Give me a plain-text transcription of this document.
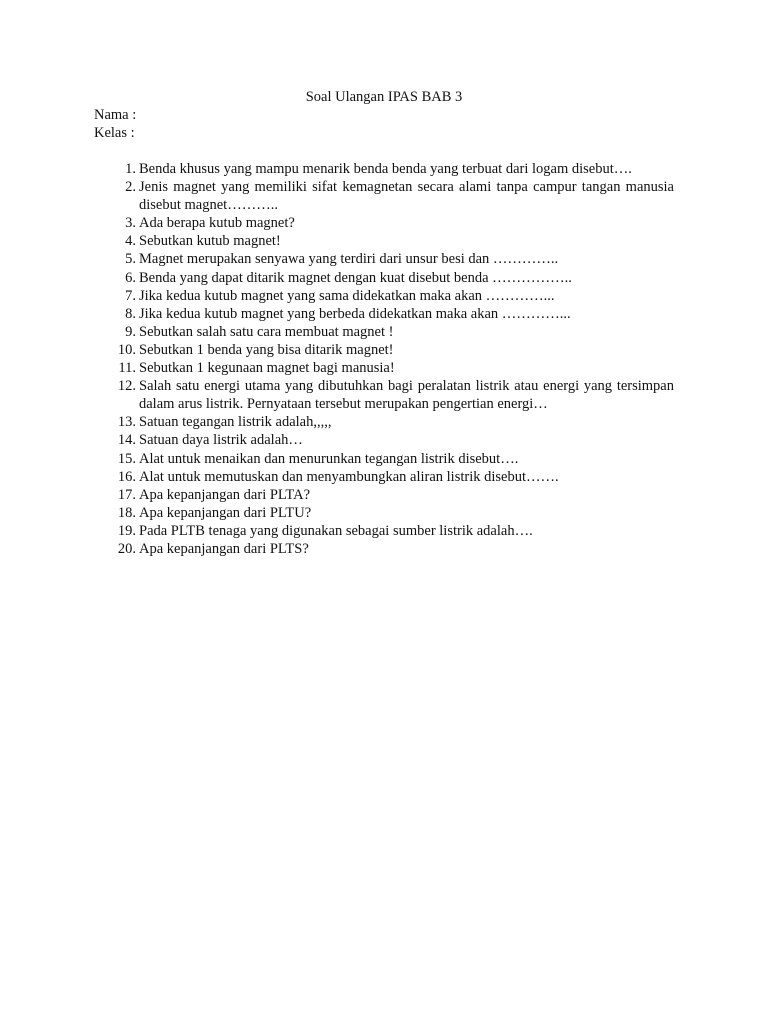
Soal Ulangan IPAS BAB 3
Nama :
Kelas :
1. Benda khusus yang mampu menarik benda benda yang terbuat dari logam disebut….
2. Jenis magnet yang memiliki sifat kemagnetan secara alami tanpa campur tangan manusia disebut magnet………..
3. Ada berapa kutub magnet?
4. Sebutkan kutub magnet!
5. Magnet merupakan senyawa yang terdiri dari unsur besi dan …………..
6. Benda yang dapat ditarik magnet dengan kuat disebut benda ……………..
7. Jika kedua kutub magnet yang sama didekatkan maka akan …………...
8. Jika kedua kutub magnet yang berbeda didekatkan maka akan …………...
9. Sebutkan salah satu cara membuat magnet !
10. Sebutkan 1 benda yang bisa ditarik magnet!
11. Sebutkan 1 kegunaan magnet bagi manusia!
12. Salah satu energi utama yang dibutuhkan bagi peralatan listrik atau energi yang tersimpan dalam arus listrik. Pernyataan tersebut merupakan pengertian energi…
13. Satuan tegangan listrik adalah,,,,,
14. Satuan daya listrik adalah…
15. Alat untuk menaikan dan menurunkan tegangan listrik disebut….
16. Alat untuk memutuskan dan menyambungkan aliran listrik disebut…….
17. Apa kepanjangan dari PLTA?
18. Apa kepanjangan dari PLTU?
19. Pada PLTB tenaga yang digunakan sebagai sumber listrik adalah….
20. Apa kepanjangan dari PLTS?
